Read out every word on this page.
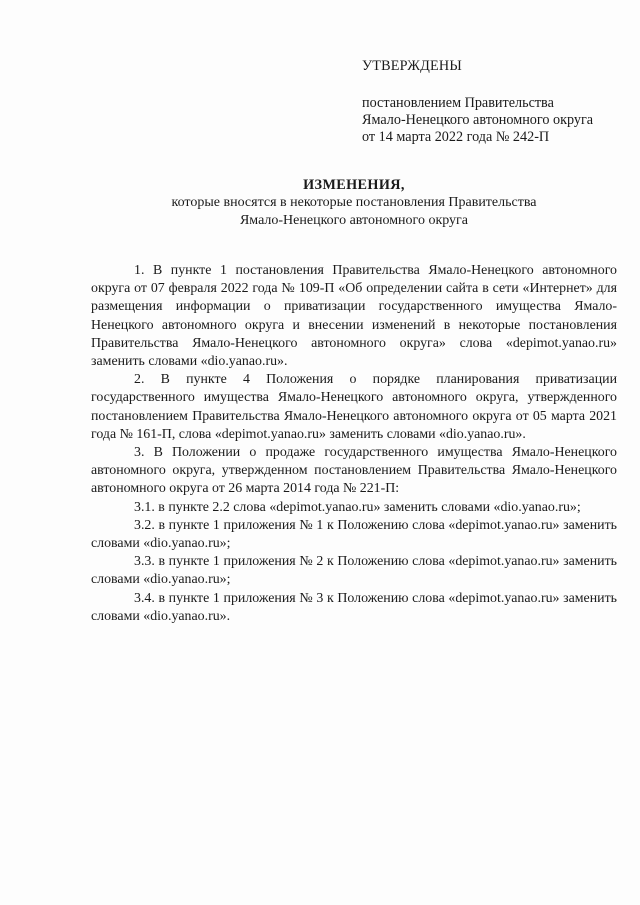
УТВЕРЖДЕНЫ
постановлением Правительства
Ямало-Ненецкого автономного округа
от 14 марта 2022 года № 242-П
ИЗМЕНЕНИЯ,
которые вносятся в некоторые постановления Правительства
Ямало-Ненецкого автономного округа

1. В пункте 1 постановления Правительства Ямало-Ненецкого автономного округа от 07 февраля 2022 года № 109-П «Об определении сайта в сети «Интернет» для размещения информации о приватизации государственного имущества Ямало-Ненецкого автономного округа и внесении изменений в некоторые постановления Правительства Ямало-Ненецкого автономного округа» слова «depimot.yanao.ru» заменить словами «dio.yanao.ru».

2. В пункте 4 Положения о порядке планирования приватизации государственного имущества Ямало-Ненецкого автономного округа, утвержденного постановлением Правительства Ямало-Ненецкого автономного округа от 05 марта 2021 года № 161-П, слова «depimot.yanao.ru» заменить словами «dio.yanao.ru».

3. В Положении о продаже государственного имущества Ямало-Ненецкого автономного округа, утвержденном постановлением Правительства Ямало-Ненецкого автономного округа от 26 марта 2014 года № 221-П:

3.1. в пункте 2.2 слова «depimot.yanao.ru» заменить словами «dio.yanao.ru»;

3.2. в пункте 1 приложения № 1 к Положению слова «depimot.yanao.ru» заменить словами «dio.yanao.ru»;

3.3. в пункте 1 приложения № 2 к Положению слова «depimot.yanao.ru» заменить словами «dio.yanao.ru»;

3.4. в пункте 1 приложения № 3 к Положению слова «depimot.yanao.ru» заменить словами «dio.yanao.ru».
